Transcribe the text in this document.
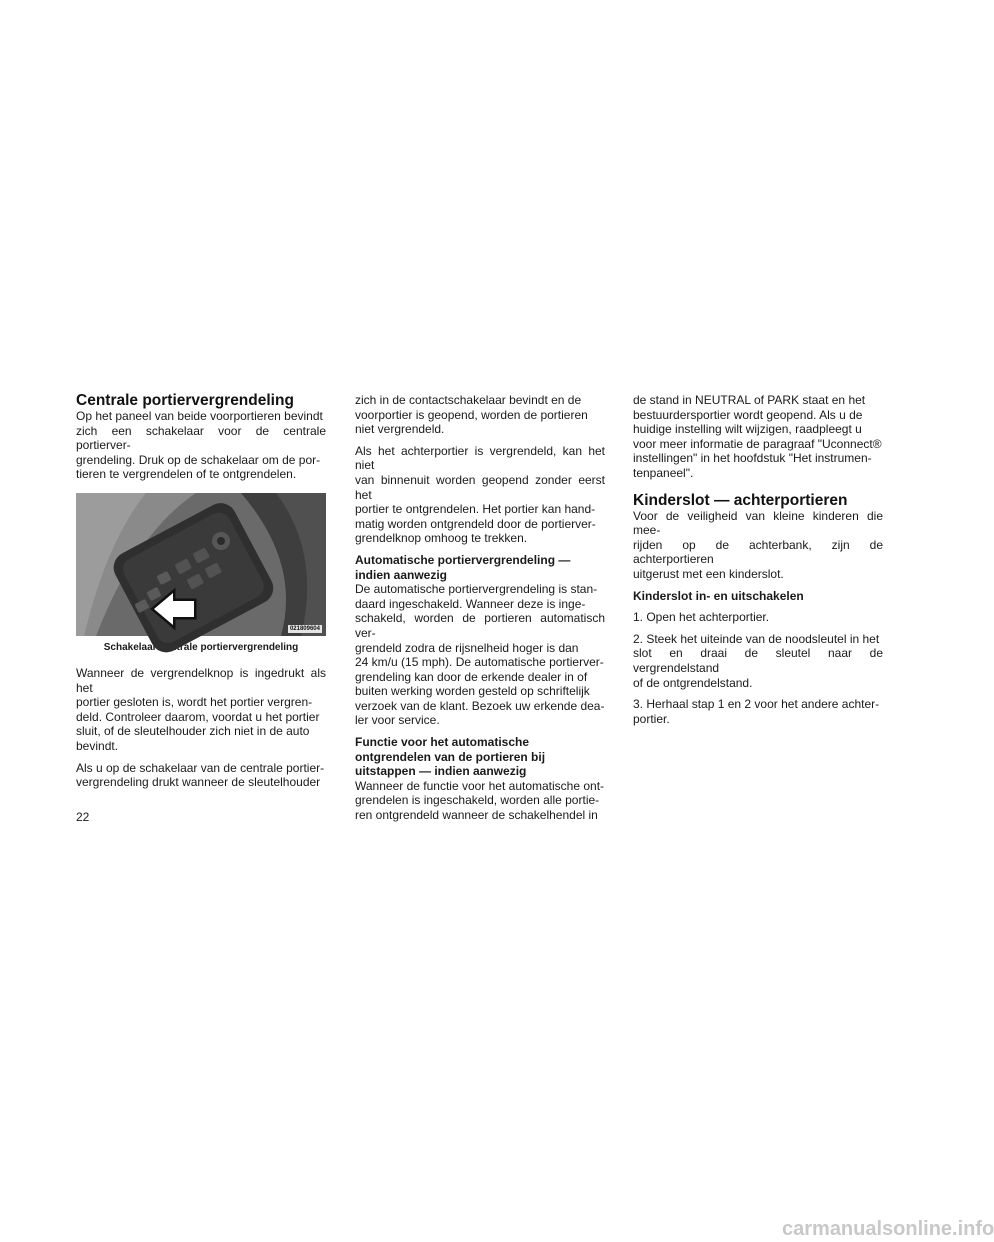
Centrale portiervergrendeling

Op het paneel van beide voorportieren bevindt
zich een schakelaar voor de centrale portierver-
grendeling. Druk op de schakelaar om de por-
tieren te vergrendelen of te ontgrendelen.

021809604
Schakelaar centrale portiervergrendeling

Wanneer de vergrendelknop is ingedrukt als het
portier gesloten is, wordt het portier vergren-
deld. Controleer daarom, voordat u het portier
sluit, of de sleutelhouder zich niet in de auto
bevindt.

Als u op de schakelaar van de centrale portier-
vergrendeling drukt wanneer de sleutelhouder

zich in de contactschakelaar bevindt en de
voorportier is geopend, worden de portieren
niet vergrendeld.

Als het achterportier is vergrendeld, kan het niet
van binnenuit worden geopend zonder eerst het
portier te ontgrendelen. Het portier kan hand-
matig worden ontgrendeld door de portierver-
grendelknop omhoog te trekken.

Automatische portiervergrendeling —
indien aanwezig

De automatische portiervergrendeling is stan-
daard ingeschakeld. Wanneer deze is inge-
schakeld, worden de portieren automatisch ver-
grendeld zodra de rijsnelheid hoger is dan
24 km/u (15 mph). De automatische portierver-
grendeling kan door de erkende dealer in of
buiten werking worden gesteld op schriftelijk
verzoek van de klant. Bezoek uw erkende dea-
ler voor service.

Functie voor het automatische
ontgrendelen van de portieren bij
uitstappen — indien aanwezig

Wanneer de functie voor het automatische ont-
grendelen is ingeschakeld, worden alle portie-
ren ontgrendeld wanneer de schakelhendel in

de stand in NEUTRAL of PARK staat en het
bestuurdersportier wordt geopend. Als u de
huidige instelling wilt wijzigen, raadpleegt u
voor meer informatie de paragraaf "Uconnect®
instellingen" in het hoofdstuk "Het instrumen-
tenpaneel".

Kinderslot — achterportieren

Voor de veiligheid van kleine kinderen die mee-
rijden op de achterbank, zijn de achterportieren
uitgerust met een kinderslot.

Kinderslot in- en uitschakelen

1. Open het achterportier.

2. Steek het uiteinde van de noodsleutel in het
slot en draai de sleutel naar de vergrendelstand
of de ontgrendelstand.

3. Herhaal stap 1 en 2 voor het andere achter-
portier.

22
carmanualsonline.info
